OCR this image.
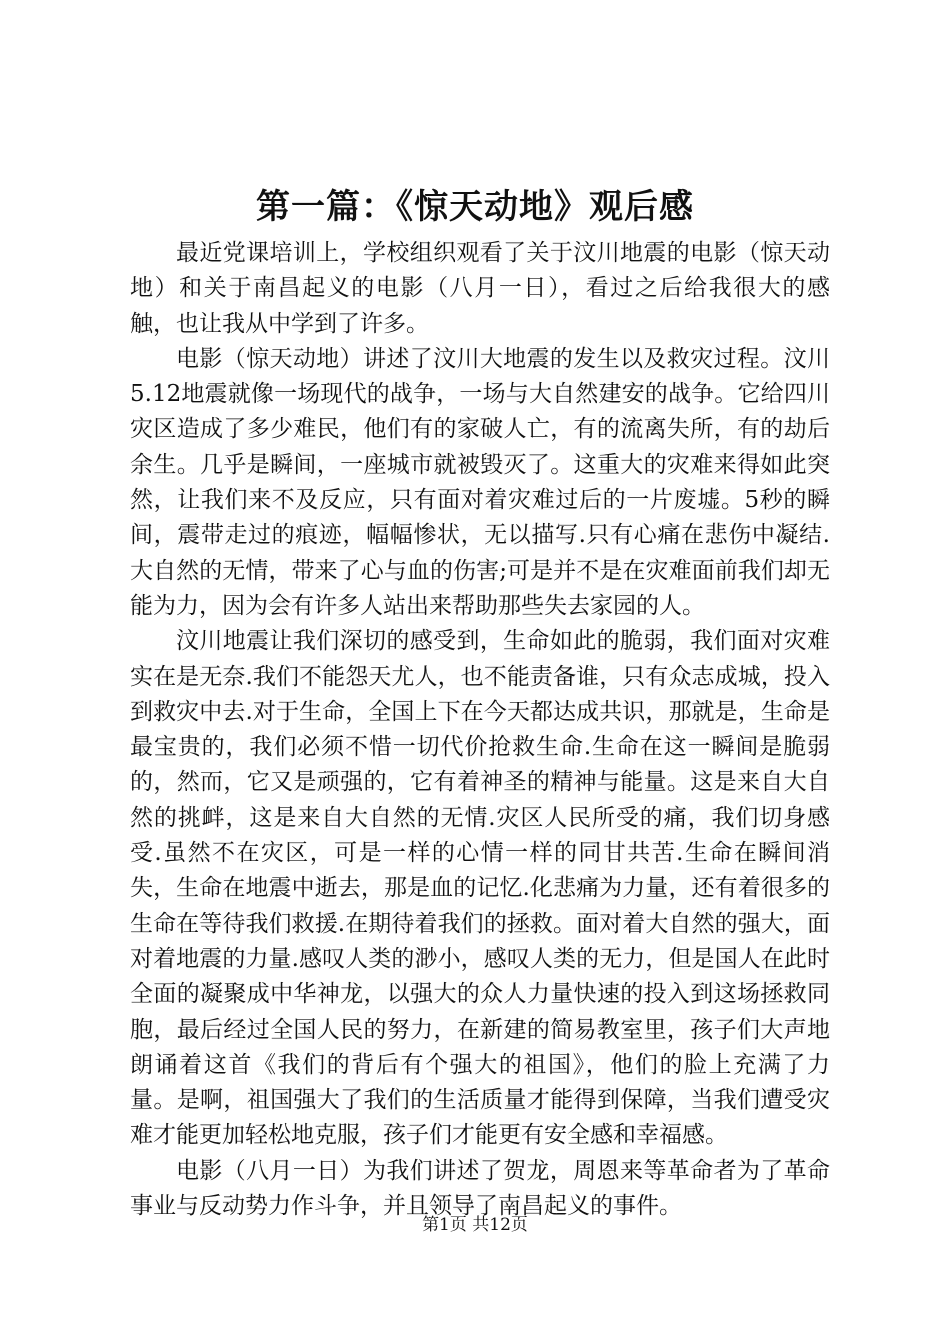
第一篇：《惊天动地》观后感

最近党课培训上，学校组织观看了关于汶川地震的电影（惊天动地）和关于南昌起义的电影（八月一日），看过之后给我很大的感触，也让我从中学到了许多。

电影（惊天动地）讲述了汶川大地震的发生以及救灾过程。汶川5.12地震就像一场现代的战争，一场与大自然建安的战争。它给四川灾区造成了多少难民，他们有的家破人亡，有的流离失所，有的劫后余生。几乎是瞬间，一座城市就被毁灭了。这重大的灾难来得如此突然，让我们来不及反应，只有面对着灾难过后的一片废墟。5秒的瞬间，震带走过的痕迹，幅幅惨状，无以描写.只有心痛在悲伤中凝结.大自然的无情，带来了心与血的伤害;可是并不是在灾难面前我们却无能为力，因为会有许多人站出来帮助那些失去家园的人。

汶川地震让我们深切的感受到，生命如此的脆弱，我们面对灾难实在是无奈.我们不能怨天尤人，也不能责备谁，只有众志成城，投入到救灾中去.对于生命，全国上下在今天都达成共识，那就是，生命是最宝贵的，我们必须不惜一切代价抢救生命.生命在这一瞬间是脆弱的，然而，它又是顽强的，它有着神圣的精神与能量。这是来自大自然的挑衅，这是来自大自然的无情.灾区人民所受的痛，我们切身感受.虽然不在灾区，可是一样的心情一样的同甘共苦.生命在瞬间消失，生命在地震中逝去，那是血的记忆.化悲痛为力量，还有着很多的生命在等待我们救援.在期待着我们的拯救。面对着大自然的强大，面对着地震的力量.感叹人类的渺小，感叹人类的无力，但是国人在此时全面的凝聚成中华神龙，以强大的众人力量快速的投入到这场拯救同胞，最后经过全国人民的努力，在新建的简易教室里，孩子们大声地朗诵着这首《我们的背后有个强大的祖国》，他们的脸上充满了力量。是啊，祖国强大了我们的生活质量才能得到保障，当我们遭受灾难才能更加轻松地克服，孩子们才能更有安全感和幸福感。

电影（八月一日）为我们讲述了贺龙，周恩来等革命者为了革命事业与反动势力作斗争，并且领导了南昌起义的事件。

第1页 共12页
